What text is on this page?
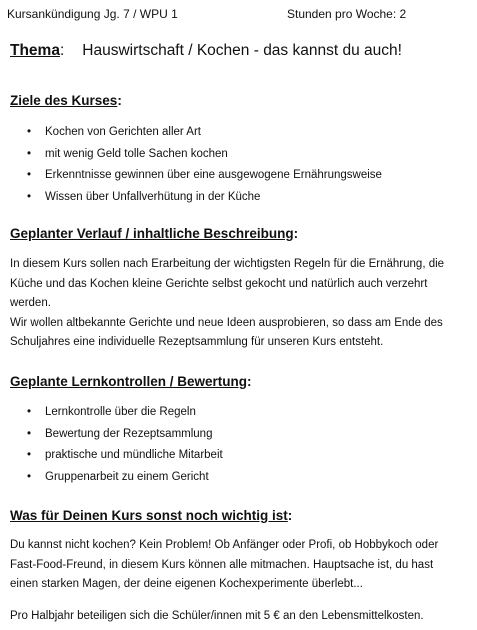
Kursankündigung Jg. 7 / WPU 1	Stunden pro Woche: 2
Thema: Hauswirtschaft / Kochen - das kannst du auch!
Ziele des Kurses:
• Kochen von Gerichten aller Art
• mit wenig Geld tolle Sachen kochen
• Erkenntnisse gewinnen über eine ausgewogene Ernährungsweise
• Wissen über Unfallverhütung in der Küche
Geplanter Verlauf / inhaltliche Beschreibung:
In diesem Kurs sollen nach Erarbeitung der wichtigsten Regeln für die Ernährung, die
Küche und das Kochen kleine Gerichte selbst gekocht und natürlich auch verzehrt
werden.
Wir wollen altbekannte Gerichte und neue Ideen ausprobieren, so dass am Ende des
Schuljahres eine individuelle Rezeptsammlung für unseren Kurs entsteht.
Geplante Lernkontrollen / Bewertung:
• Lernkontrolle über die Regeln
• Bewertung der Rezeptsammlung
• praktische und mündliche Mitarbeit
• Gruppenarbeit zu einem Gericht
Was für Deinen Kurs sonst noch wichtig ist:
Du kannst nicht kochen? Kein Problem! Ob Anfänger oder Profi, ob Hobbykoch oder
Fast-Food-Freund, in diesem Kurs können alle mitmachen. Hauptsache ist, du hast
einen starken Magen, der deine eigenen Kochexperimente überlebt...
Pro Halbjahr beteiligen sich die Schüler/innen mit 5 € an den Lebensmittelkosten.
